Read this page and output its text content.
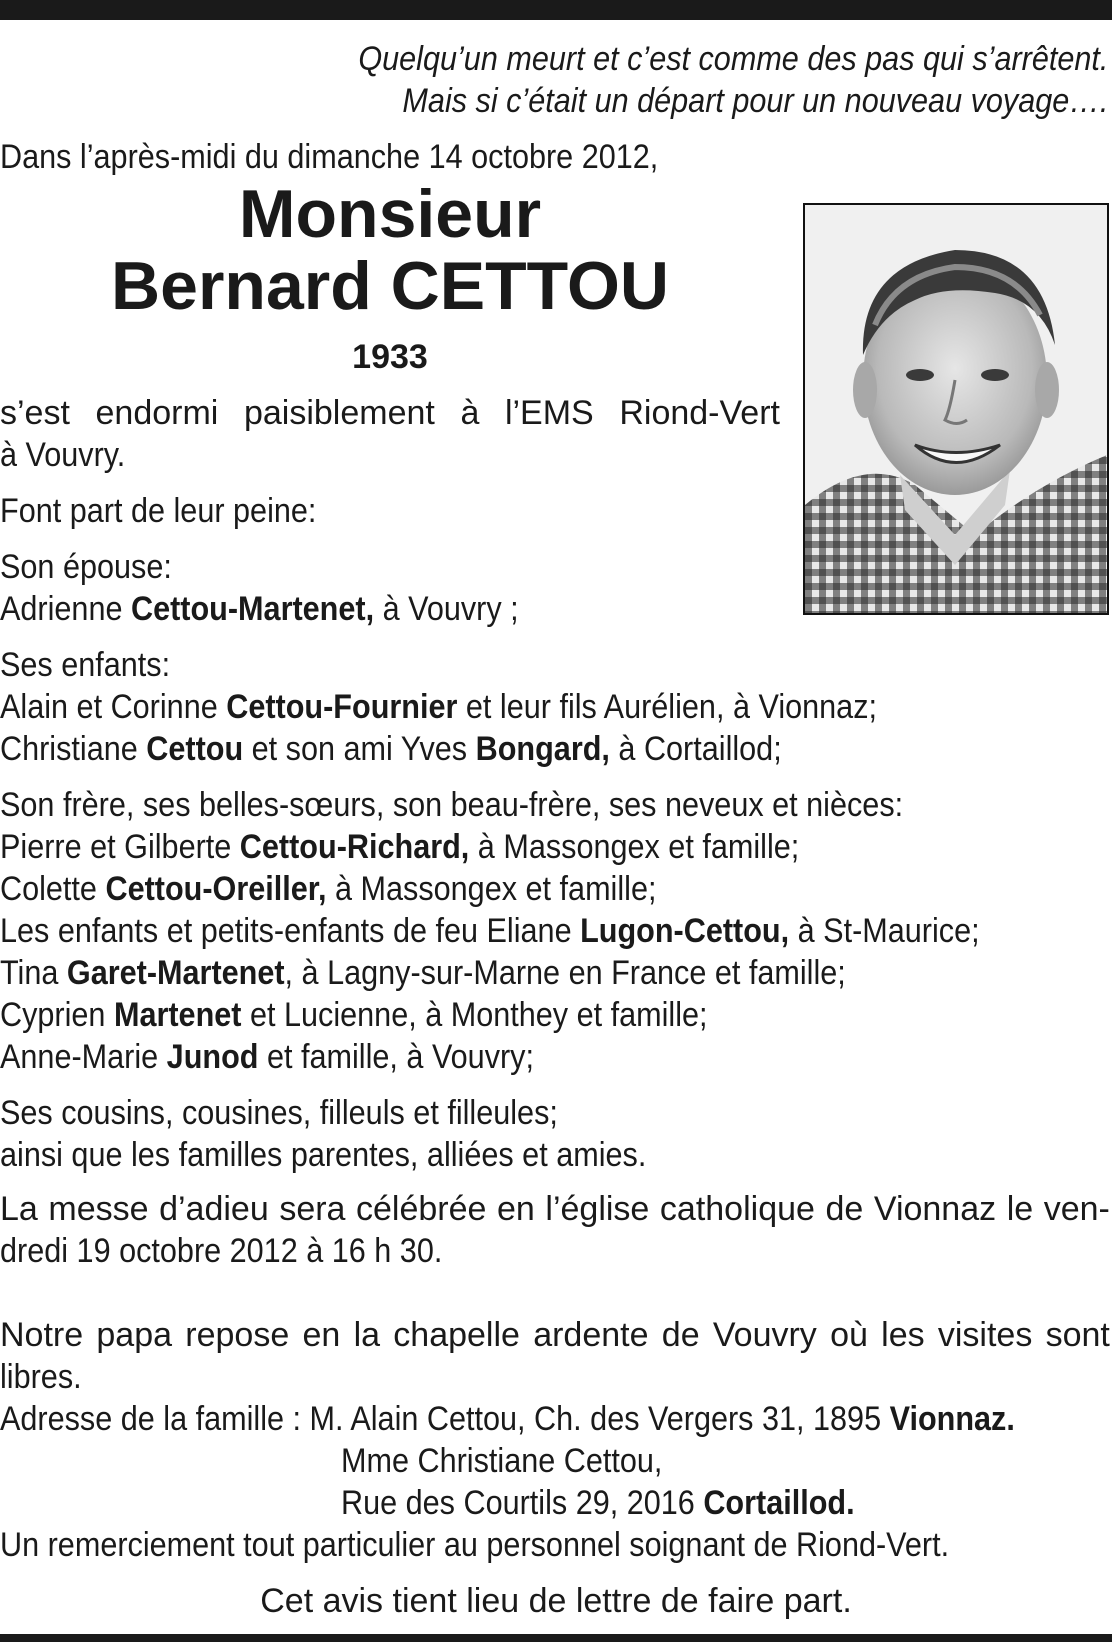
Quelqu’un meurt et c’est comme des pas qui s’arrêtent.
Mais si c’était un départ pour un nouveau voyage….
Dans l’après-midi du dimanche 14 octobre 2012,
Monsieur
Bernard CETTOU
1933
s’est endormi paisiblement à l’EMS Riond-Vert
à Vouvry.
Font part de leur peine:
Son épouse:
Adrienne Cettou-Martenet, à Vouvry ;
Ses enfants:
Alain et Corinne Cettou-Fournier et leur fils Aurélien, à Vionnaz;
Christiane Cettou et son ami Yves Bongard, à Cortaillod;
Son frère, ses belles-sœurs, son beau-frère, ses neveux et nièces:
Pierre et Gilberte Cettou-Richard, à Massongex et famille;
Colette Cettou-Oreiller, à Massongex et famille;
Les enfants et petits-enfants de feu Eliane Lugon-Cettou, à St-Maurice;
Tina Garet-Martenet, à Lagny-sur-Marne en France et famille;
Cyprien Martenet et Lucienne, à Monthey et famille;
Anne-Marie Junod et famille, à Vouvry;
Ses cousins, cousines, filleuls et filleules;
ainsi que les familles parentes, alliées et amies.
La messe d’adieu sera célébrée en l’église catholique de Vionnaz le ven-
dredi 19 octobre 2012 à 16 h 30.
Notre papa repose en la chapelle ardente de Vouvry où les visites sont
libres.
Adresse de la famille : M. Alain Cettou, Ch. des Vergers 31, 1895 Vionnaz.
Mme Christiane Cettou,
Rue des Courtils 29, 2016 Cortaillod.
Un remerciement tout particulier au personnel soignant de Riond-Vert.
Cet avis tient lieu de lettre de faire part.
